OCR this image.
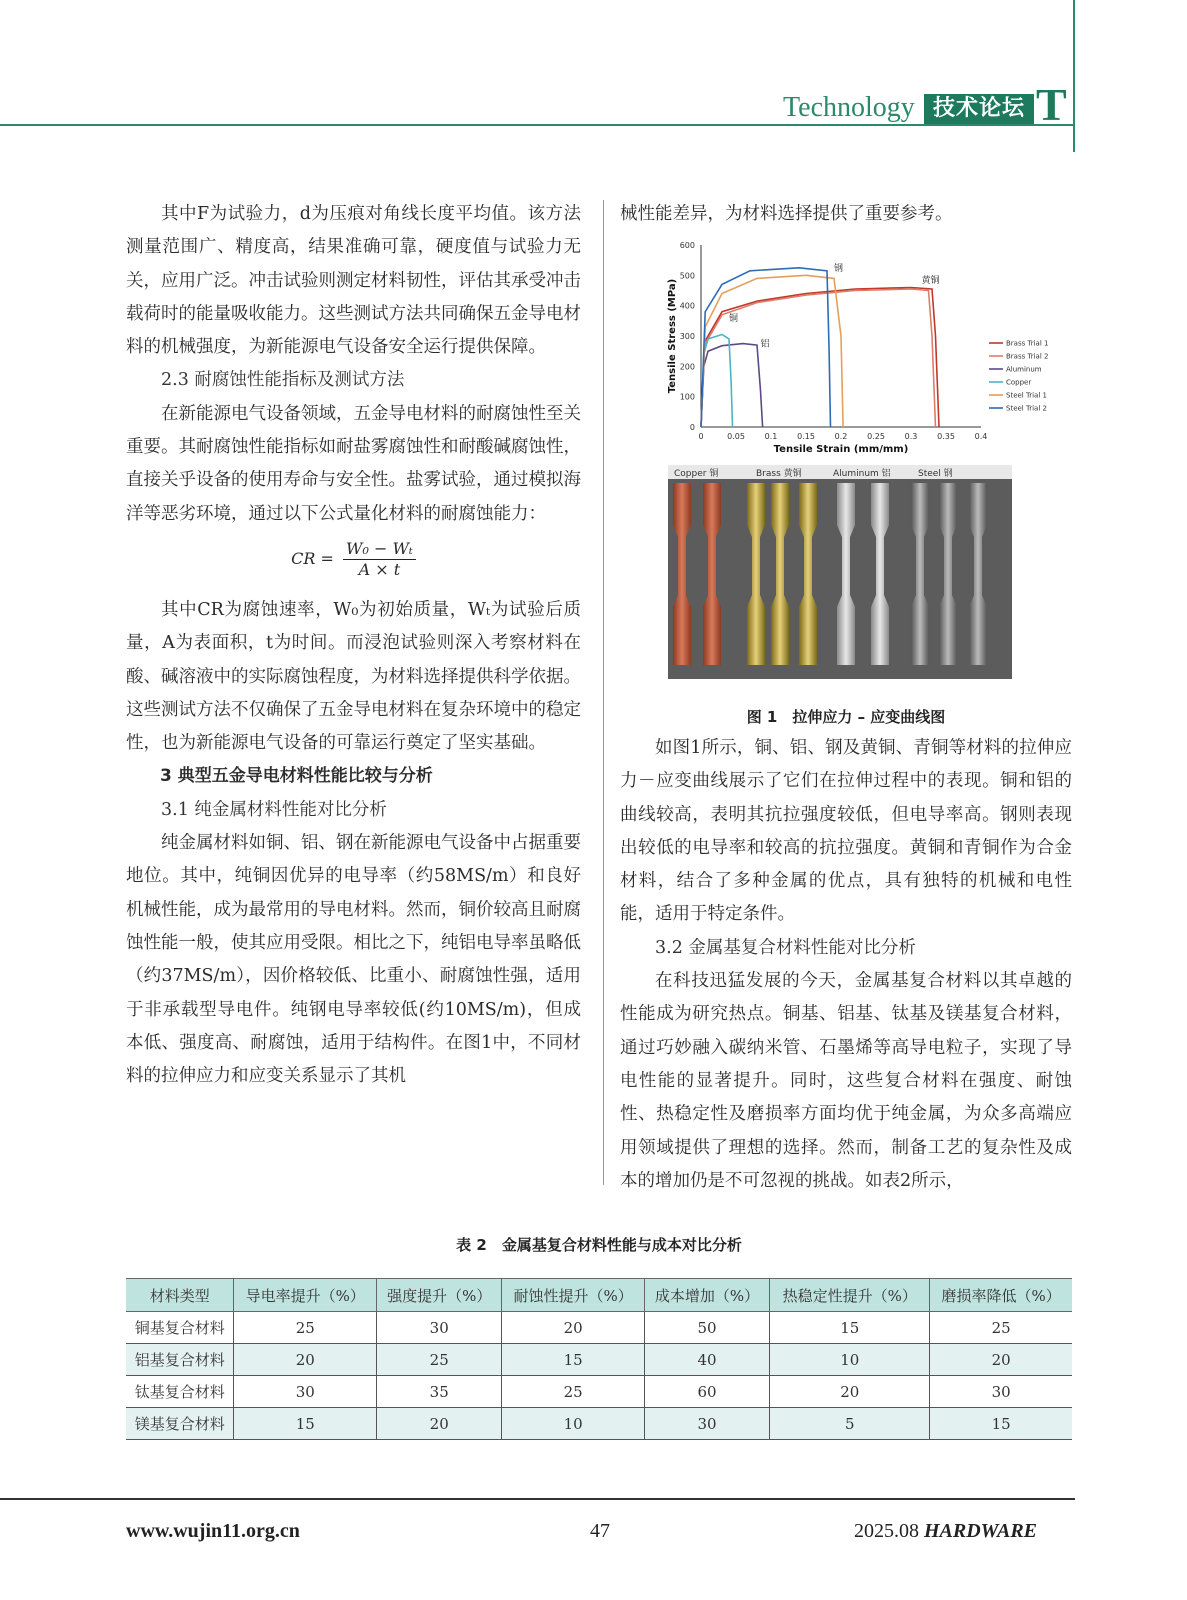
Technology 技术论坛 T

其中F为试验力，d为压痕对角线长度平均值。该方法测量范围广、精度高，结果准确可靠，硬度值与试验力无关，应用广泛。冲击试验则测定材料韧性，评估其承受冲击载荷时的能量吸收能力。这些测试方法共同确保五金导电材料的机械强度，为新能源电气设备安全运行提供保障。

2.3 耐腐蚀性能指标及测试方法

在新能源电气设备领域，五金导电材料的耐腐蚀性至关重要。其耐腐蚀性能指标如耐盐雾腐蚀性和耐酸碱腐蚀性，直接关乎设备的使用寿命与安全性。盐雾试验，通过模拟海洋等恶劣环境，通过以下公式量化材料的耐腐蚀能力：

CR = $\frac{\text{W₀ − Wₜ}}{A \times t}$

其中CR为腐蚀速率，W₀为初始质量，Wₜ为试验后质量，A为表面积，t为时间。而浸泡试验则深入考察材料在酸、碱溶液中的实际腐蚀程度，为材料选择提供科学依据。这些测试方法不仅确保了五金导电材料在复杂环境中的稳定性，也为新能源电气设备的可靠运行奠定了坚实基础。

3 典型五金导电材料性能比较与分析

3.1 纯金属材料性能对比分析

纯金属材料如铜、铝、钢在新能源电气设备中占据重要地位。其中，纯铜因优异的电导率（约58MS/m）和良好机械性能，成为最常用的导电材料。然而，铜价较高且耐腐蚀性能一般，使其应用受限。相比之下，纯铝电导率虽略低（约37MS/m），因价格较低、比重小、耐腐蚀性强，适用于非承载型导电件。纯钢电导率较低(约10MS/m)，但成本低、强度高、耐腐蚀，适用于结构件。在图1中，不同材料的拉伸应力和应变关系显示了其机

械性能差异，为材料选择提供了重要参考。

0
100
200
300
400
500
600
0	0.05 0.1 0.15 0.2 0.25 0.3 0.35 0.4
Tensile Strain (mm/mm)
Tensile Stress (MPa)	Brass Trial 1
Brass Trial 2
Aluminum
Copper
Steel Trial 1
Steel Trial 2
钢
黄铜
铜
铝
Copper 铜	Brass 黄铜	Aluminum 铝	Steel 钢
图 1　拉伸应力 – 应变曲线图

如图1所示，铜、铝、钢及黄铜、青铜等材料的拉伸应力－应变曲线展示了它们在拉伸过程中的表现。铜和铝的曲线较高，表明其抗拉强度较低，但电导率高。钢则表现出较低的电导率和较高的抗拉强度。黄铜和青铜作为合金材料，结合了多种金属的优点，具有独特的机械和电性能，适用于特定条件。

3.2 金属基复合材料性能对比分析

在科技迅猛发展的今天，金属基复合材料以其卓越的性能成为研究热点。铜基、铝基、钛基及镁基复合材料，通过巧妙融入碳纳米管、石墨烯等高导电粒子，实现了导电性能的显著提升。同时，这些复合材料在强度、耐蚀性、热稳定性及磨损率方面均优于纯金属，为众多高端应用领域提供了理想的选择。然而，制备工艺的复杂性及成本的增加仍是不可忽视的挑战。如表2所示，

表 2　金属基复合材料性能与成本对比分析
材料类型	导电率提升（%）	强度提升（%）	耐蚀性提升（%）	成本增加（%）	热稳定性提升（%）	磨损率降低（%）
铜基复合材料	25	30	20	50	15	25
铝基复合材料	20	25	15	40	10	20
钛基复合材料	30	35	25	60	20	30
镁基复合材料	15	20	10	30	5	15
www.wujin11.org.cn	47	2025.08 HARDWARE
